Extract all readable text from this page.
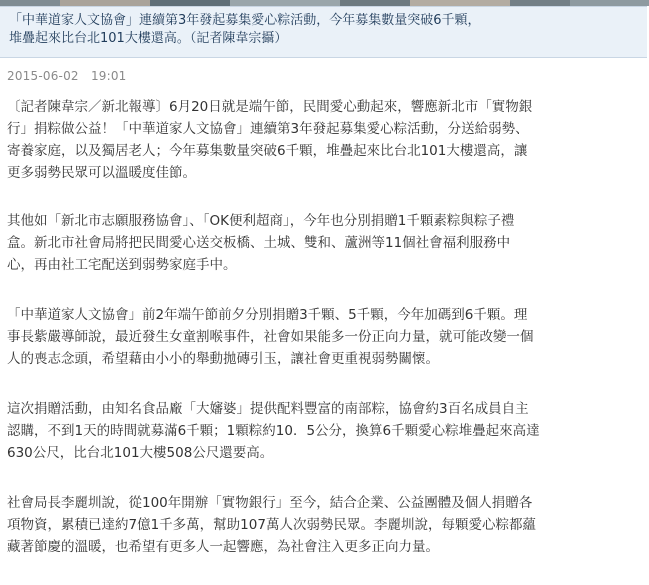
「中華道家人文協會」連續第3年發起募集愛心粽活動，今年募集數量突破6千顆，
堆疊起來比台北101大樓還高。（記者陳韋宗攝）

2015-06-02　19:01

〔記者陳韋宗／新北報導〕6月20日就是端午節，民間愛心動起來，響應新北市「實物銀
行」捐粽做公益！「中華道家人文協會」連續第3年發起募集愛心粽活動，分送給弱勢、
寄養家庭，以及獨居老人；今年募集數量突破6千顆，堆疊起來比台北101大樓還高，讓
更多弱勢民眾可以溫暖度佳節。

其他如「新北市志願服務協會」、「OK便利超商」，今年也分別捐贈1千顆素粽與粽子禮
盒。新北市社會局將把民間愛心送交板橋、土城、雙和、蘆洲等11個社會福利服務中
心，再由社工宅配送到弱勢家庭手中。

「中華道家人文協會」前2年端午節前夕分別捐贈3千顆、5千顆，今年加碼到6千顆。理
事長紫嚴導師說，最近發生女童割喉事件，社會如果能多一份正向力量，就可能改變一個
人的喪志念頭，希望藉由小小的舉動拋磚引玉，讓社會更重視弱勢關懷。

這次捐贈活動，由知名食品廠「大嬸婆」提供配料豐富的南部粽，協會約3百名成員自主
認購，不到1天的時間就募滿6千顆；1顆粽約10．5公分，換算6千顆愛心粽堆疊起來高達
630公尺，比台北101大樓508公尺還要高。

社會局長李麗圳說，從100年開辦「實物銀行」至今，結合企業、公益團體及個人捐贈各
項物資，累積已達約7億1千多萬，幫助107萬人次弱勢民眾。李麗圳說，每顆愛心粽都蘊
藏著節慶的溫暖，也希望有更多人一起響應，為社會注入更多正向力量。
